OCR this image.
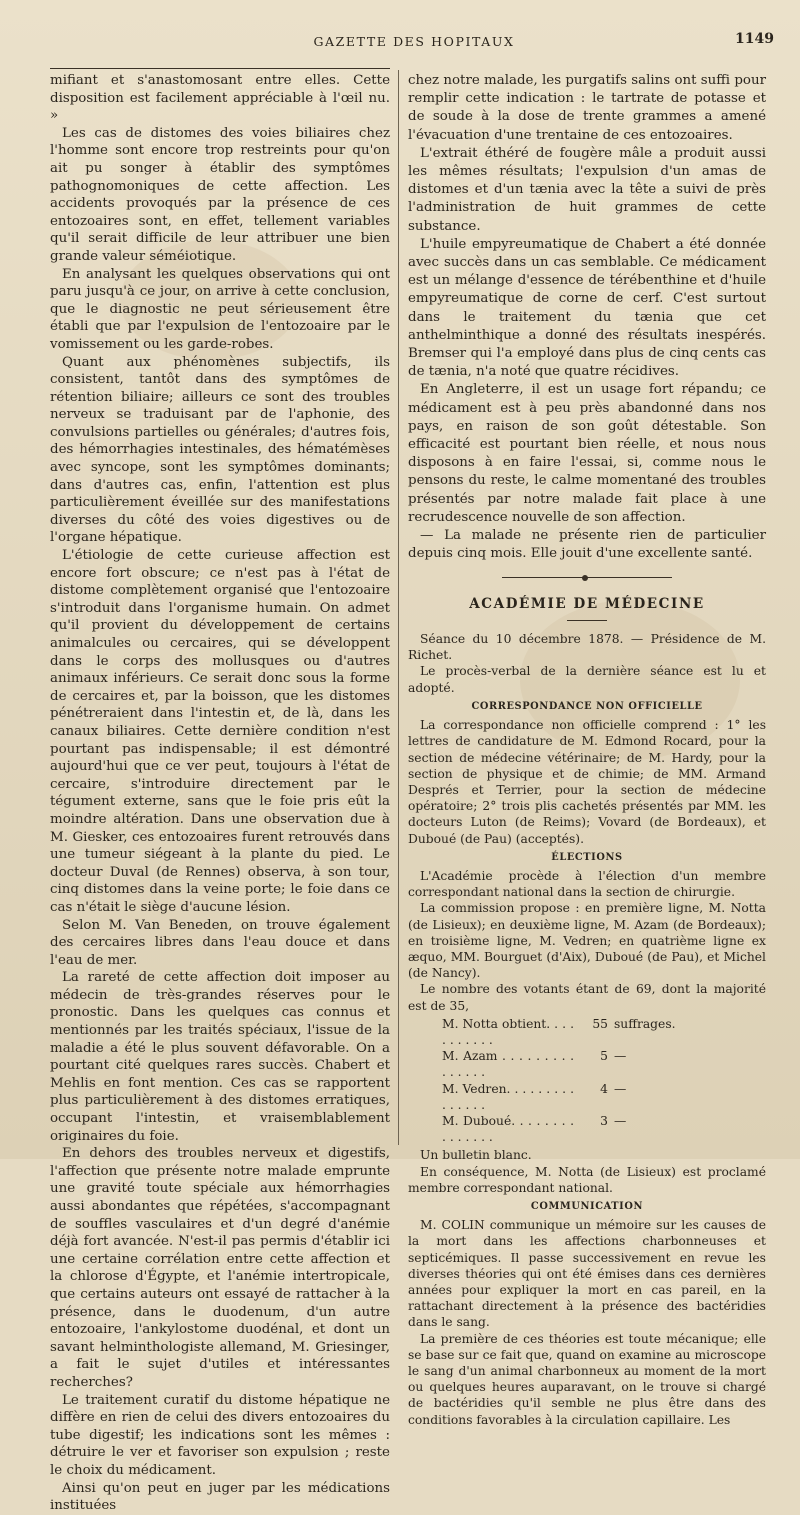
GAZETTE DES HOPITAUX	1149

mifiant et s'anastomosant entre elles. Cette disposition est facilement appréciable à l'œil nu. »

Les cas de distomes des voies biliaires chez l'homme sont encore trop restreints pour qu'on ait pu songer à établir des symptômes pathognomoniques de cette affection. Les accidents provoqués par la présence de ces entozoaires sont, en effet, tellement variables qu'il serait difficile de leur attribuer une bien grande valeur séméiotique.

En analysant les quelques observations qui ont paru jusqu'à ce jour, on arrive à cette conclusion, que le diagnostic ne peut sérieusement être établi que par l'expulsion de l'entozoaire par le vomissement ou les garde-robes.

Quant aux phénomènes subjectifs, ils consistent, tantôt dans des symptômes de rétention biliaire; ailleurs ce sont des troubles nerveux se traduisant par de l'aphonie, des convulsions partielles ou générales; d'autres fois, des hémorrhagies intestinales, des hématémèses avec syncope, sont les symptômes dominants; dans d'autres cas, enfin, l'attention est plus particulièrement éveillée sur des manifestations diverses du côté des voies digestives ou de l'organe hépatique.

L'étiologie de cette curieuse affection est encore fort obscure; ce n'est pas à l'état de distome complètement organisé que l'entozoaire s'introduit dans l'organisme humain. On admet qu'il provient du développement de certains animalcules ou cercaires, qui se développent dans le corps des mollusques ou d'autres animaux inférieurs. Ce serait donc sous la forme de cercaires et, par la boisson, que les distomes pénétreraient dans l'intestin et, de là, dans les canaux biliaires. Cette dernière condition n'est pourtant pas indispensable; il est démontré aujourd'hui que ce ver peut, toujours à l'état de cercaire, s'introduire directement par le tégument externe, sans que le foie pris eût la moindre altération. Dans une observation due à M. Giesker, ces entozoaires furent retrouvés dans une tumeur siégeant à la plante du pied. Le docteur Duval (de Rennes) observa, à son tour, cinq distomes dans la veine porte; le foie dans ce cas n'était le siège d'aucune lésion.

Selon M. Van Beneden, on trouve également des cercaires libres dans l'eau douce et dans l'eau de mer.

La rareté de cette affection doit imposer au médecin de très-grandes réserves pour le pronostic. Dans les quelques cas connus et mentionnés par les traités spéciaux, l'issue de la maladie a été le plus souvent défavorable. On a pourtant cité quelques rares succès. Chabert et Mehlis en font mention. Ces cas se rapportent plus particulièrement à des distomes erratiques, occupant l'intestin, et vraisemblablement originaires du foie.

En dehors des troubles nerveux et digestifs, l'affection que présente notre malade emprunte une gravité toute spéciale aux hémorrhagies aussi abondantes que répétées, s'accompagnant de souffles vasculaires et d'un degré d'anémie déjà fort avancée. N'est-il pas permis d'établir ici une certaine corrélation entre cette affection et la chlorose d'Égypte, et l'anémie intertropicale, que certains auteurs ont essayé de rattacher à la présence, dans le duodenum, d'un autre entozoaire, l'ankylostome duodénal, et dont un savant helminthologiste allemand, M. Griesinger, a fait le sujet d'utiles et intéressantes recherches?

Le traitement curatif du distome hépatique ne diffère en rien de celui des divers entozoaires du tube digestif; les indications sont les mêmes : détruire le ver et favoriser son expulsion ; reste le choix du médicament.

Ainsi qu'on peut en juger par les médications instituées

chez notre malade, les purgatifs salins ont suffi pour remplir cette indication : le tartrate de potasse et de soude à la dose de trente grammes a amené l'évacuation d'une trentaine de ces entozoaires.

L'extrait éthéré de fougère mâle a produit aussi les mêmes résultats; l'expulsion d'un amas de distomes et d'un tænia avec la tête a suivi de près l'administration de huit grammes de cette substance.

L'huile empyreumatique de Chabert a été donnée avec succès dans un cas semblable. Ce médicament est un mélange d'essence de térébenthine et d'huile empyreumatique de corne de cerf. C'est surtout dans le traitement du tænia que cet anthelminthique a donné des résultats inespérés. Bremser qui l'a employé dans plus de cinq cents cas de tænia, n'a noté que quatre récidives.

En Angleterre, il est un usage fort répandu; ce médicament est à peu près abandonné dans nos pays, en raison de son goût détestable. Son efficacité est pourtant bien réelle, et nous nous disposons à en faire l'essai, si, comme nous le pensons du reste, le calme momentané des troubles présentés par notre malade fait place à une recrudescence nouvelle de son affection.

— La malade ne présente rien de particulier depuis cinq mois. Elle jouit d'une excellente santé.

ACADÉMIE DE MÉDECINE

Séance du 10 décembre 1878. — Présidence de M. Richet.

Le procès-verbal de la dernière séance est lu et adopté.

CORRESPONDANCE NON OFFICIELLE

La correspondance non officielle comprend : 1° les lettres de candidature de M. Edmond Rocard, pour la section de médecine vétérinaire; de M. Hardy, pour la section de physique et de chimie; de MM. Armand Després et Terrier, pour la section de médecine opératoire; 2° trois plis cachetés présentés par MM. les docteurs Luton (de Reims); Vovard (de Bordeaux), et Duboué (de Pau) (acceptés).

ÉLECTIONS

L'Académie procède à l'élection d'un membre correspondant national dans la section de chirurgie.

La commission propose : en première ligne, M. Notta (de Lisieux); en deuxième ligne, M. Azam (de Bordeaux); en troisième ligne, M. Vedren; en quatrième ligne ex æquo, MM. Bourguet (d'Aix), Duboué (de Pau), et Michel (de Nancy).

Le nombre des votants étant de 69, dont la majorité est de 35,

M. Notta obtient. . . . . . . . . . .
55 suffrages.
M. Azam . . . . . . . . . . . . . . .
5 —
M. Vedren. . . . . . . . . . . . . . .
4 —
M. Duboué. . . . . . . . . . . . . . .
3 —

Un bulletin blanc.

En conséquence, M. Notta (de Lisieux) est proclamé membre correspondant national.

COMMUNICATION

M. COLIN communique un mémoire sur les causes de la mort dans les affections charbonneuses et septicémiques. Il passe successivement en revue les diverses théories qui ont été émises dans ces dernières années pour expliquer la mort en cas pareil, en la rattachant directement à la présence des bactéridies dans le sang.

La première de ces théories est toute mécanique; elle se base sur ce fait que, quand on examine au microscope le sang d'un animal charbonneux au moment de la mort ou quelques heures auparavant, on le trouve si chargé de bactéridies qu'il semble ne plus être dans des conditions favorables à la circulation capillaire. Les
